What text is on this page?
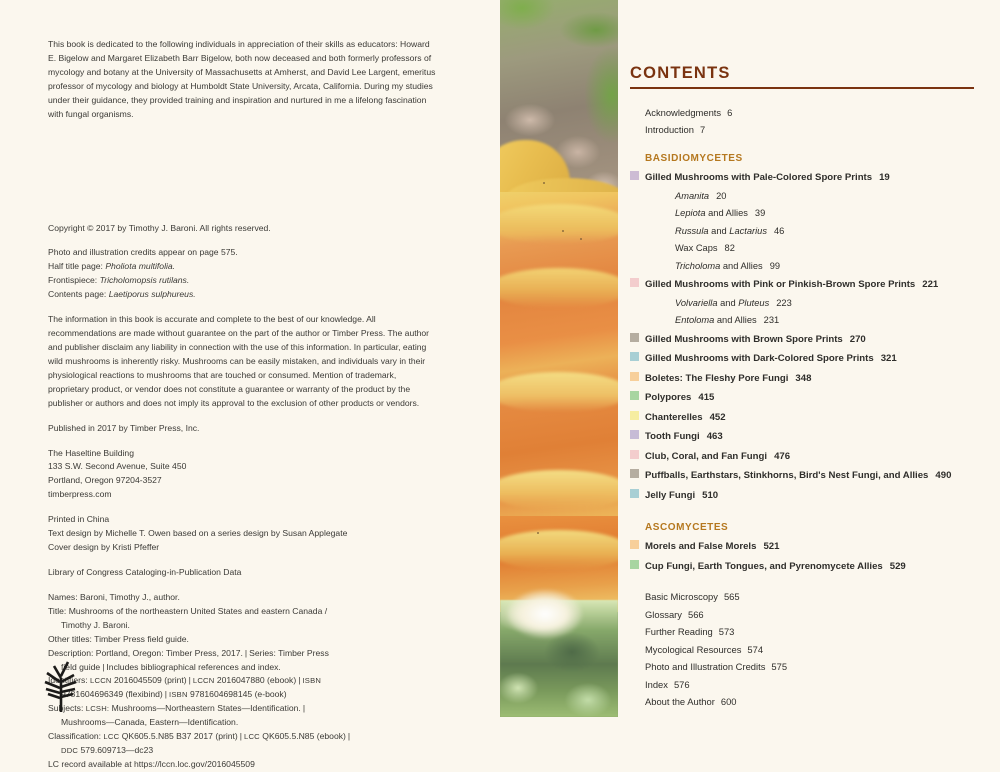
This book is dedicated to the following individuals in appreciation of their skills as educators: Howard E. Bigelow and Margaret Elizabeth Barr Bigelow, both now deceased and both formerly professors of mycology and botany at the University of Massachusetts at Amherst, and David Lee Largent, emeritus professor of mycology and biology at Humboldt State University, Arcata, California. During my studies under their guidance, they provided training and inspiration and nurtured in me a lifelong fascination with fungal organisms.

Copyright © 2017 by Timothy J. Baroni. All rights reserved.

Photo and illustration credits appear on page 575.

Half title page: Pholiota multifolia.

Frontispiece: Tricholomopsis rutilans.

Contents page: Laetiporus sulphureus.

The information in this book is accurate and complete to the best of our knowledge. All recommendations are made without guarantee on the part of the author or Timber Press. The author and publisher disclaim any liability in connection with the use of this information. In particular, eating wild mushrooms is inherently risky. Mushrooms can be easily mistaken, and individuals vary in their physiological reactions to mushrooms that are touched or consumed. Mention of trademark, proprietary product, or vendor does not constitute a guarantee or warranty of the product by the publisher or authors and does not imply its approval to the exclusion of other products or vendors.

Published in 2017 by Timber Press, Inc.

The Haseltine Building

133 S.W. Second Avenue, Suite 450

Portland, Oregon 97204-3527

timberpress.com

Printed in China

Text design by Michelle T. Owen based on a series design by Susan Applegate

Cover design by Kristi Pfeffer

Library of Congress Cataloging-in-Publication Data

Names: Baroni, Timothy J., author.

Title: Mushrooms of the northeastern United States and eastern Canada /
Timothy J. Baroni.

Other titles: Timber Press field guide.

Description: Portland, Oregon: Timber Press, 2017. | Series: Timber Press
field guide | Includes bibliographical references and index.

Identifiers: LCCN 2016045509 (print) | LCCN 2016047880 (ebook) | ISBN
9781604696349 (flexibind) | ISBN 9781604698145 (e-book)

Subjects: LCSH: Mushrooms—Northeastern States—Identification. |
Mushrooms—Canada, Eastern—Identification.

Classification: LCC QK605.5.N85 B37 2017 (print) | LCC QK605.5.N85 (ebook) |
DDC 579.609713—dc23

LC record available at https://lccn.loc.gov/2016045509

CONTENTS
Acknowledgments 6
Introduction 7
BASIDIOMYCETES
Gilled Mushrooms with Pale-Colored Spore Prints 19
Amanita 20
Lepiota and Allies 39
Russula and Lactarius 46
Wax Caps 82
Tricholoma and Allies 99
Gilled Mushrooms with Pink or Pinkish-Brown Spore Prints 221
Volvariella and Pluteus 223
Entoloma and Allies 231
Gilled Mushrooms with Brown Spore Prints 270
Gilled Mushrooms with Dark-Colored Spore Prints 321
Boletes: The Fleshy Pore Fungi 348
Polypores 415
Chanterelles 452
Tooth Fungi 463
Club, Coral, and Fan Fungi 476
Puffballs, Earthstars, Stinkhorns, Bird's Nest Fungi, and Allies 490
Jelly Fungi 510
ASCOMYCETES
Morels and False Morels 521
Cup Fungi, Earth Tongues, and Pyrenomycete Allies 529
Basic Microscopy 565
Glossary 566
Further Reading 573
Mycological Resources 574
Photo and Illustration Credits 575
Index 576
About the Author 600
